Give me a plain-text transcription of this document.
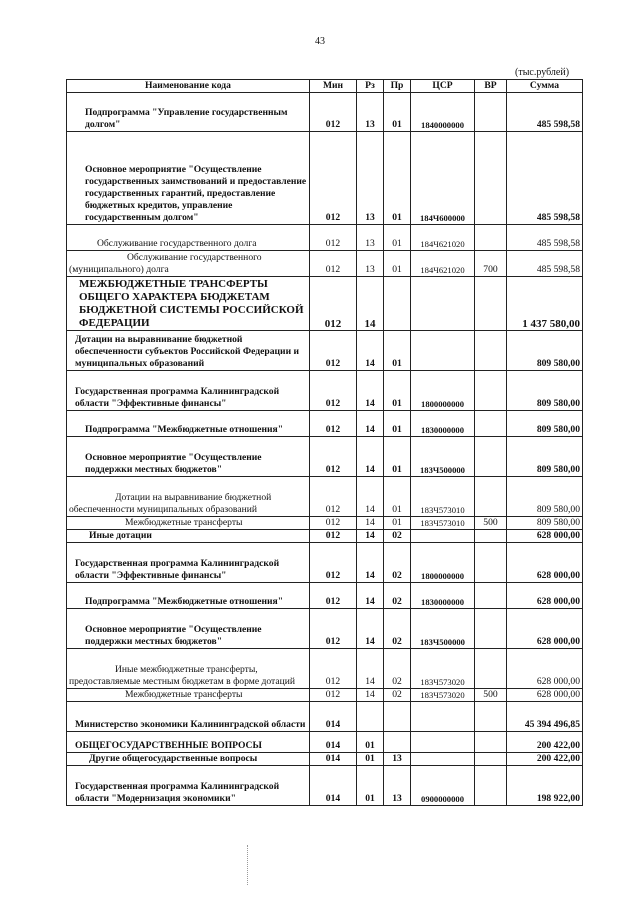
43
(тыс.рублей)
Наименование кода	Мин	Рз	Пр	ЦСР	ВР	Сумма
Подпрограмма "Управление государственным долгом"	012	13	01	1840000000		485 598,58
Основное мероприятие "Осуществление государственных заимствований и предоставление государственных гарантий, предоставление бюджетных кредитов, управление государственным долгом"	012	13	01	184Ч600000		485 598,58
Обслуживание государственного долга	012	13	01	184Ч621020		485 598,58
Обслуживание государственного (муниципального) долга	012	13	01	184Ч621020	700	485 598,58
МЕЖБЮДЖЕТНЫЕ ТРАНСФЕРТЫ ОБЩЕГО ХАРАКТЕРА БЮДЖЕТАМ БЮДЖЕТНОЙ СИСТЕМЫ РОССИЙСКОЙ ФЕДЕРАЦИИ	012	14				1 437 580,00
Дотации на выравнивание бюджетной обеспеченности субъектов Российской Федерации и муниципальных образований	012	14	01			809 580,00
Государственная программа Калининградской области "Эффективные финансы"	012	14	01	1800000000		809 580,00
Подпрограмма "Межбюджетные отношения"	012	14	01	1830000000		809 580,00
Основное мероприятие "Осуществление поддержки местных бюджетов"	012	14	01	183Ч500000		809 580,00
Дотации на выравнивание бюджетной обеспеченности муниципальных образований	012	14	01	183Ч573010		809 580,00
Межбюджетные трансферты	012	14	01	183Ч573010	500	809 580,00
Иные дотации	012	14	02			628 000,00
Государственная программа Калининградской области "Эффективные финансы"	012	14	02	1800000000		628 000,00
Подпрограмма "Межбюджетные отношения"	012	14	02	1830000000		628 000,00
Основное мероприятие "Осуществление поддержки местных бюджетов"	012	14	02	183Ч500000		628 000,00
Иные межбюджетные трансферты, предоставляемые местным бюджетам в форме дотаций	012	14	02	183Ч573020		628 000,00
Межбюджетные трансферты	012	14	02	183Ч573020	500	628 000,00
Министерство экономики Калининградской области	014					45 394 496,85
ОБЩЕГОСУДАРСТВЕННЫЕ ВОПРОСЫ	014	01				200 422,00
Другие общегосударственные вопросы	014	01	13			200 422,00
Государственная программа Калининградской области "Модернизация экономики"	014	01	13	0900000000		198 922,00
